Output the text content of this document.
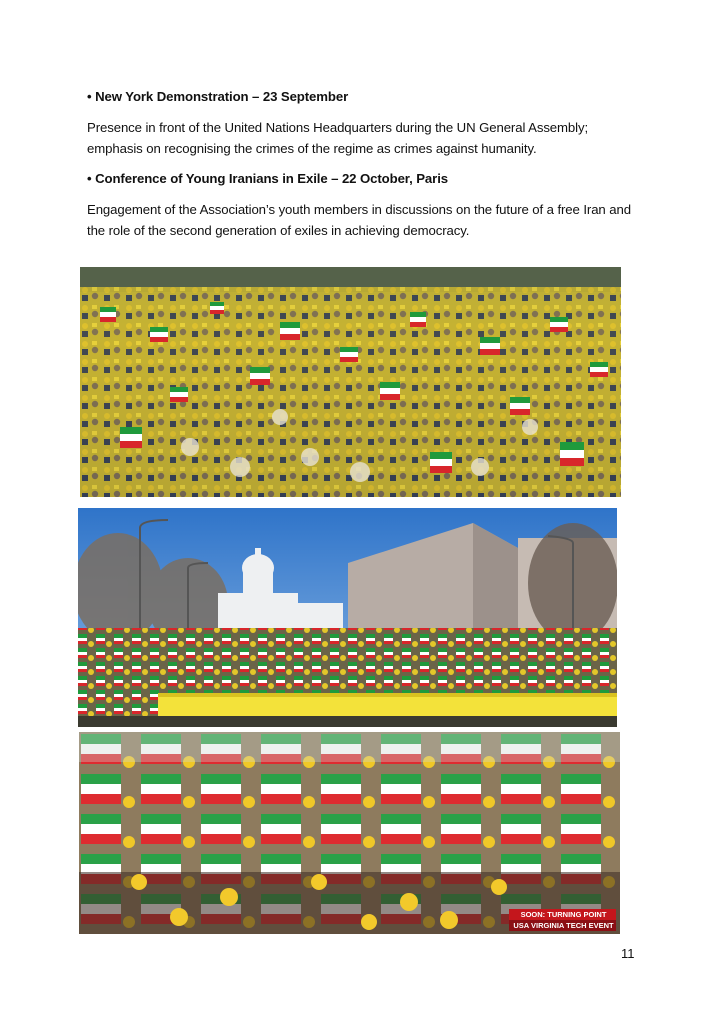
• New York Demonstration – 23 September
Presence in front of the United Nations Headquarters during the UN General Assembly; emphasis on recognising the crimes of the regime as crimes against humanity.
• Conference of Young Iranians in Exile – 22 October, Paris
Engagement of the Association’s youth members in discussions on the future of a free Iran and the role of the second generation of exiles in achieving democracy.
SOON: TURNING POINT
USA VIRGINIA TECH EVENT
11
